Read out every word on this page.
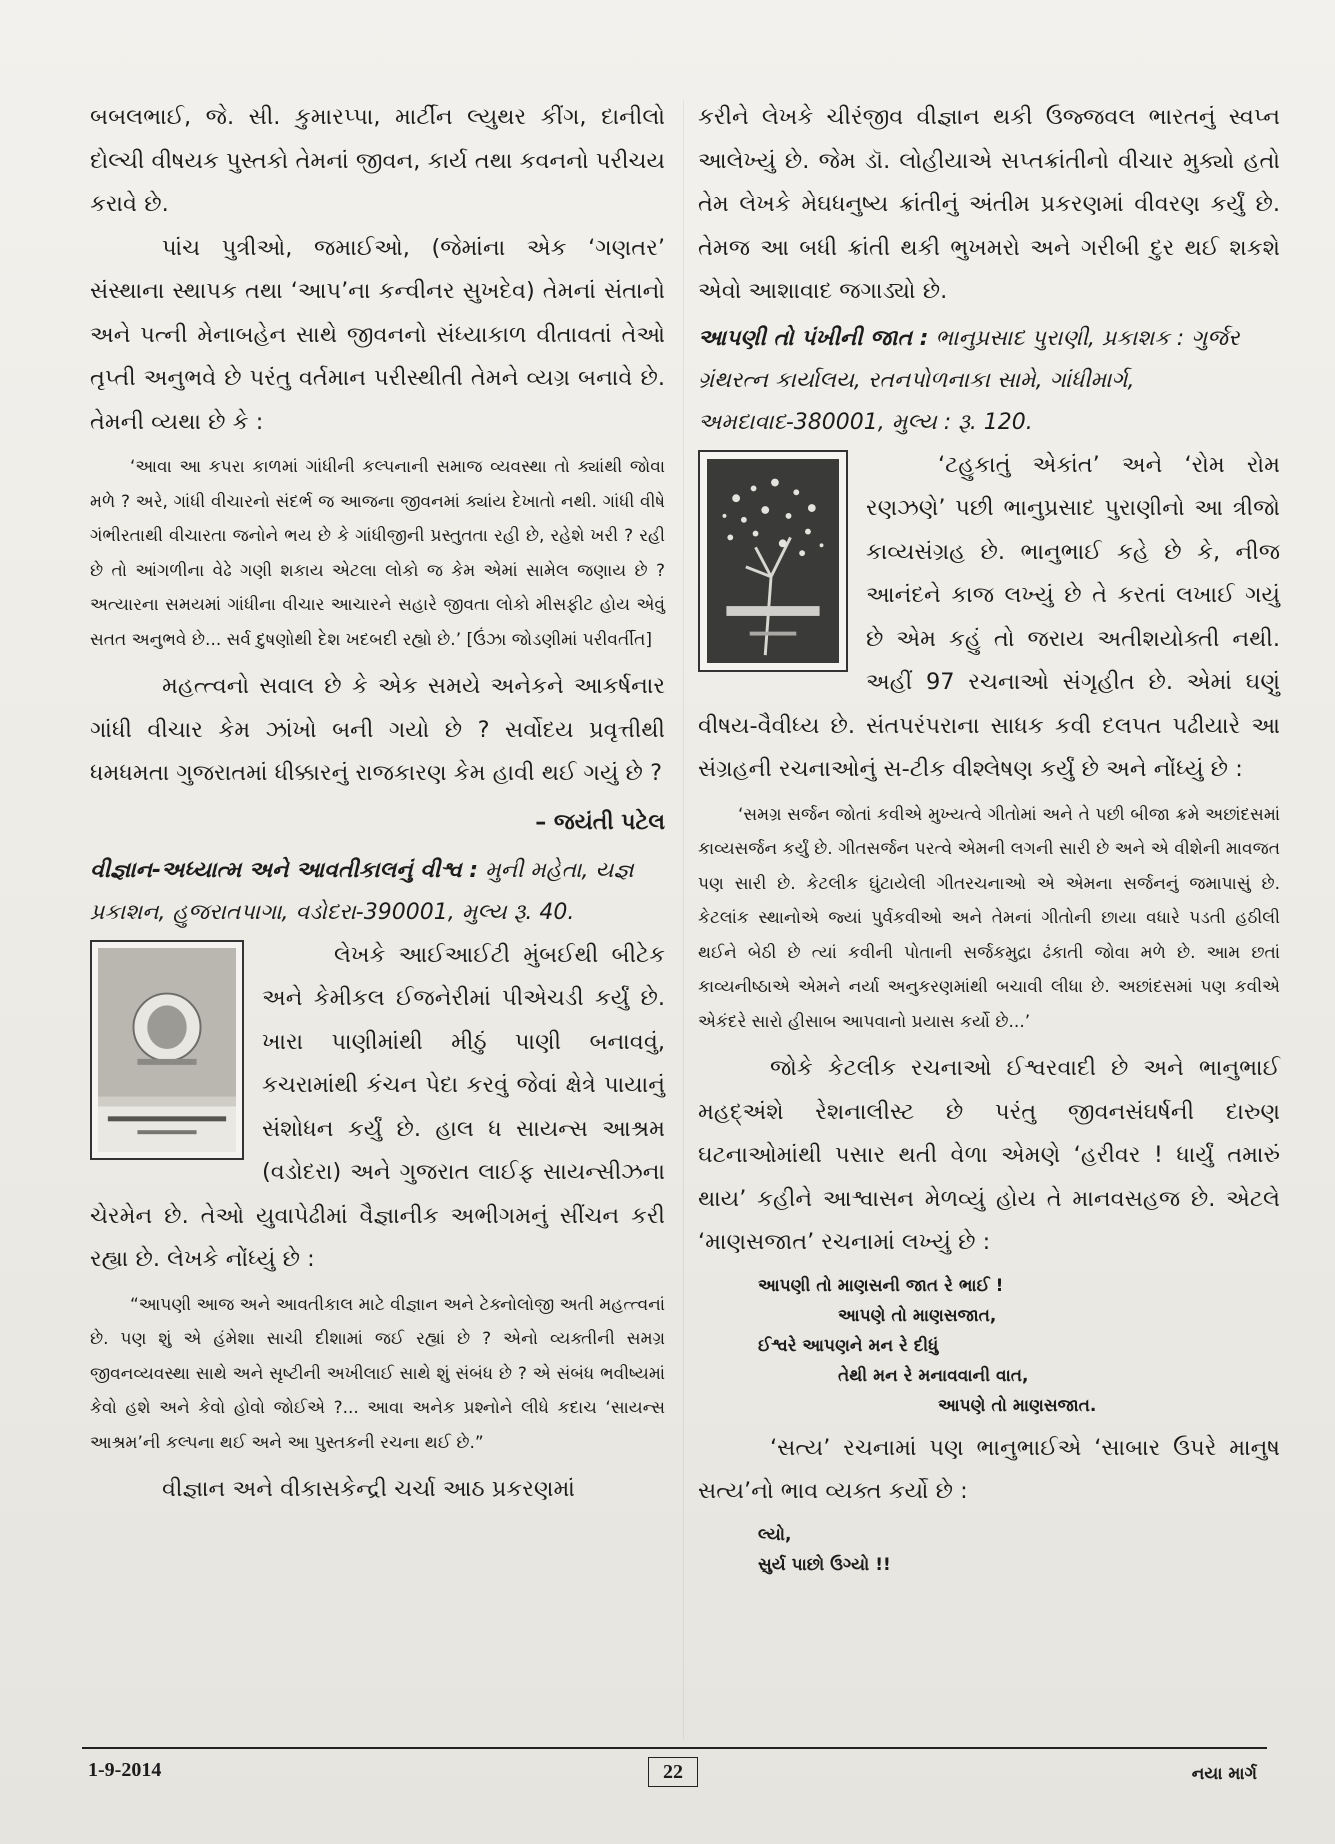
બબલભાઈ, જે. સી. કુમારપ્પા, માર્ટીન લ્યુથર કીંગ, દાનીલો દોલ્ચી વીષયક પુસ્તકો તેમનાં જીવન, કાર્ય તથા કવનનો પરીચય કરાવે છે.

પાંચ પુત્રીઓ, જમાઈઓ, (જેમાંના એક ‘ગણતર’ સંસ્થાના સ્થાપક તથા ‘આપ’ના કન્વીનર સુખદેવ) તેમનાં સંતાનો અને પત્ની મેનાબહેન સાથે જીવનનો સંધ્યાકાળ વીતાવતાં તેઓ તૃપ્તી અનુભવે છે પરંતુ વર્તમાન પરીસ્થીતી તેમને વ્યગ્ર બનાવે છે. તેમની વ્યથા છે કે :

‘આવા આ કપરા કાળમાં ગાંધીની કલ્પનાની સમાજ વ્યવસ્થા તો ક્યાંથી જોવા મળે ? અરે, ગાંધી વીચારનો સંદર્ભ જ આજના જીવનમાં ક્યાંય દેખાતો નથી. ગાંધી વીષે ગંભીરતાથી વીચારતા જનોને ભય છે કે ગાંધીજીની પ્રસ્તુતતા રહી છે, રહેશે ખરી ? રહી છે તો આંગળીના વેઢે ગણી શકાય એટલા લોકો જ કેમ એમાં સામેલ જણાય છે ? અત્યારના સમયમાં ગાંધીના વીચાર આચારને સહારે જીવતા લોકો મીસફીટ હોય એવું સતત અનુભવે છે... સર્વ દુષણોથી દેશ ખદબદી રહ્યો છે.’ [ઉંઝા જોડણીમાં પરીવર્તીત]

મહત્ત્વનો સવાલ છે કે એક સમયે અનેકને આકર્ષનાર ગાંધી વીચાર કેમ ઝાંખો બની ગયો છે ? સર્વોદય પ્રવૃત્તીથી ધમધમતા ગુજરાતમાં ધીક્કારનું રાજકારણ કેમ હાવી થઈ ગયું છે ?

– જયંતી પટેલ

વીજ્ઞાન-અધ્યાત્મ અને આવતીકાલનું વીશ્વ : મુની મહેતા, યજ્ઞ પ્રકાશન, હુજરાતપાગા, વડોદરા-390001, મુલ્ય રૂ. 40.

લેખકે આઈઆઈટી મુંબઈથી બીટેક અને કેમીકલ ઈજનેરીમાં પીએચડી કર્યું છે. ખારા પાણીમાંથી મીઠું પાણી બનાવવું, કચરામાંથી કંચન પેદા કરવું જેવાં ક્ષેત્રે પાયાનું સંશોધન કર્યું છે. હાલ ધ સાયન્સ આશ્રમ (વડોદરા) અને ગુજરાત લાઈફ સાયન્સીઝના ચેરમેન છે. તેઓ યુવાપેઢીમાં વૈજ્ઞાનીક અભીગમનું સીંચન કરી રહ્યા છે. લેખકે નોંધ્યું છે :

“આપણી આજ અને આવતીકાલ માટે વીજ્ઞાન અને ટેક્નોલોજી અતી મહત્ત્વનાં છે. પણ શું એ હંમેશા સાચી દીશામાં જઈ રહ્યાં છે ? એનો વ્યક્તીની સમગ્ર જીવનવ્યવસ્થા સાથે અને સૃષ્ટીની અખીલાઈ સાથે શું સંબંધ છે ? એ સંબંધ ભવીષ્યમાં કેવો હશે અને કેવો હોવો જોઈએ ?... આવા અનેક પ્રશ્નોને લીધે કદાચ ‘સાયન્સ આશ્રમ’ની કલ્પના થઈ અને આ પુસ્તકની રચના થઈ છે.”

વીજ્ઞાન અને વીકાસકેન્દ્રી ચર્ચા આઠ પ્રકરણમાં

કરીને લેખકે ચીરંજીવ વીજ્ઞાન થકી ઉજ્જવલ ભારતનું સ્વપ્ન આલેખ્યું છે. જેમ ડૉ. લોહીયાએ સપ્તક્રાંતીનો વીચાર મુક્યો હતો તેમ લેખકે મેઘધનુષ્ય ક્રાંતીનું અંતીમ પ્રકરણમાં વીવરણ કર્યું છે. તેમજ આ બધી ક્રાંતી થકી ભુખમરો અને ગરીબી દુર થઈ શકશે એવો આશાવાદ જગાડ્યો છે.

આપણી તો પંખીની જાત : ભાનુપ્રસાદ પુરાણી, પ્રકાશક : ગુર્જર ગ્રંથરત્ન કાર્યાલય, રતનપોળનાકા સામે, ગાંધીમાર્ગ, અમદાવાદ-380001, મુલ્ય : રૂ. 120.

‘ટહુકાતું એકાંત’ અને ‘રોમ રોમ રણઝણે’ પછી ભાનુપ્રસાદ પુરાણીનો આ ત્રીજો કાવ્યસંગ્રહ છે. ભાનુભાઈ કહે છે કે, નીજ આનંદને કાજ લખ્યું છે તે કરતાં લખાઈ ગયું છે એમ કહું તો જરાય અતીશયોક્તી નથી. અહીં 97 રચનાઓ સંગૃહીત છે. એમાં ઘણું વીષય-વૈવીધ્ય છે. સંતપરંપરાના સાધક કવી દલપત પઢીયારે આ સંગ્રહની રચનાઓનું સ-ટીક વીશ્લેષણ કર્યું છે અને નોંધ્યું છે :

‘સમગ્ર સર્જન જોતાં કવીએ મુખ્યત્વે ગીતોમાં અને તે પછી બીજા ક્રમે અછાંદસમાં કાવ્યસર્જન કર્યું છે. ગીતસર્જન પરત્વે એમની લગની સારી છે અને એ વીશેની માવજત પણ સારી છે. કેટલીક ઘુંટાયેલી ગીતરચનાઓ એ એમના સર્જનનું જમાપાસું છે. કેટલાંક સ્થાનોએ જ્યાં પુર્વકવીઓ અને તેમનાં ગીતોની છાયા વધારે પડતી હઠીલી થઈને બેઠી છે ત્યાં કવીની પોતાની સર્જકમુદ્રા ઢંકાતી જોવા મળે છે. આમ છતાં કાવ્યનીષ્ઠાએ એમને નર્યા અનુકરણમાંથી બચાવી લીધા છે. અછાંદસમાં પણ કવીએ એકંદરે સારો હીસાબ આપવાનો પ્રયાસ કર્યો છે...’

જોકે કેટલીક રચનાઓ ઈશ્વરવાદી છે અને ભાનુભાઈ મહદ્અંશે રેશનાલીસ્ટ છે પરંતુ જીવનસંઘર્ષની દારુણ ઘટનાઓમાંથી પસાર થતી વેળા એમણે ‘હરીવર ! ધાર્યું તમારું થાય’ કહીને આશ્વાસન મેળવ્યું હોય તે માનવસહજ છે. એટલે ‘માણસજાત’ રચનામાં લખ્યું છે :

આપણી તો માણસની જાત રે ભાઈ !
આપણે તો માણસજાત,
ઈશ્વરે આપણને મન રે દીધું
તેથી મન રે મનાવવાની વાત,
આપણે તો માણસજાત.

‘સત્ય’ રચનામાં પણ ભાનુભાઈએ ‘સાબાર ઉપરે માનુષ સત્ય’નો ભાવ વ્યક્ત કર્યો છે :

લ્યો,
સુર્ય પાછો ઉગ્યો !!
1-9-2014	22	નયા માર્ગ
